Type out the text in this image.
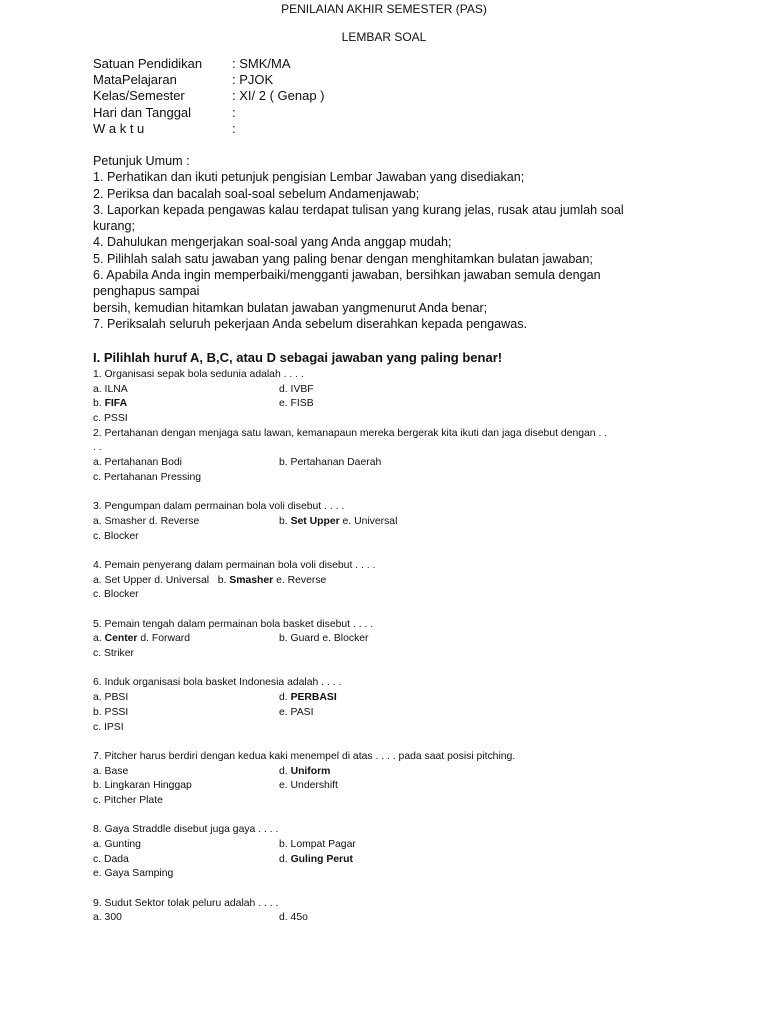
PENILAIAN AKHIR SEMESTER (PAS)
LEMBAR SOAL
Satuan Pendidikan	: SMK/MA
MataPelajaran	: PJOK
Kelas/Semester	: XI/ 2 ( Genap )
Hari dan Tanggal	:
W a k t u	:
Petunjuk Umum :
1. Perhatikan dan ikuti petunjuk pengisian Lembar Jawaban yang disediakan;
2. Periksa dan bacalah soal-soal sebelum Andamenjawab;
3. Laporkan kepada pengawas kalau terdapat tulisan yang kurang jelas, rusak atau jumlah soal
kurang;
4. Dahulukan mengerjakan soal-soal yang Anda anggap mudah;
5. Pilihlah salah satu jawaban yang paling benar dengan menghitamkan bulatan jawaban;
6. Apabila Anda ingin memperbaiki/mengganti jawaban, bersihkan jawaban semula dengan
penghapus sampai
bersih, kemudian hitamkan bulatan jawaban yangmenurut Anda benar;
7. Periksalah seluruh pekerjaan Anda sebelum diserahkan kepada pengawas.
I. Pilihlah huruf A, B,C, atau D sebagai jawaban yang paling benar!
1. Organisasi sepak bola sedunia adalah . . . .
a. ILNA	d. IVBF
b. FIFA	e. FISB
c. PSSI
2. Pertahanan dengan menjaga satu lawan, kemanapaun mereka bergerak kita ikuti dan jaga disebut dengan . .
. .
a. Pertahanan Bodi	b. Pertahanan Daerah
c. Pertahanan Pressing
3. Pengumpan dalam permainan bola voli disebut . . . .
a. Smasher d. Reverse	b. Set Upper e. Universal
c. Blocker
4. Pemain penyerang dalam permainan bola voli disebut . . . .
a. Set Upper d. Universal   b. Smasher e. Reverse
c. Blocker
5. Pemain tengah dalam permainan bola basket disebut . . . .
a. Center d. Forward	b. Guard e. Blocker
c. Striker
6. Induk organisasi bola basket Indonesia adalah . . . .
a. PBSI	d. PERBASI
b. PSSI	e. PASI
c. IPSI
7. Pitcher harus berdiri dengan kedua kaki menempel di atas . . . . pada saat posisi pitching.
a. Base	d. Uniform
b. Lingkaran Hinggap	e. Undershift
c. Pitcher Plate
8. Gaya Straddle disebut juga gaya . . . .
a. Gunting	b. Lompat Pagar
c. Dada	d. Guling Perut
e. Gaya Samping
9. Sudut Sektor tolak peluru adalah . . . .
a. 300	d. 45o
